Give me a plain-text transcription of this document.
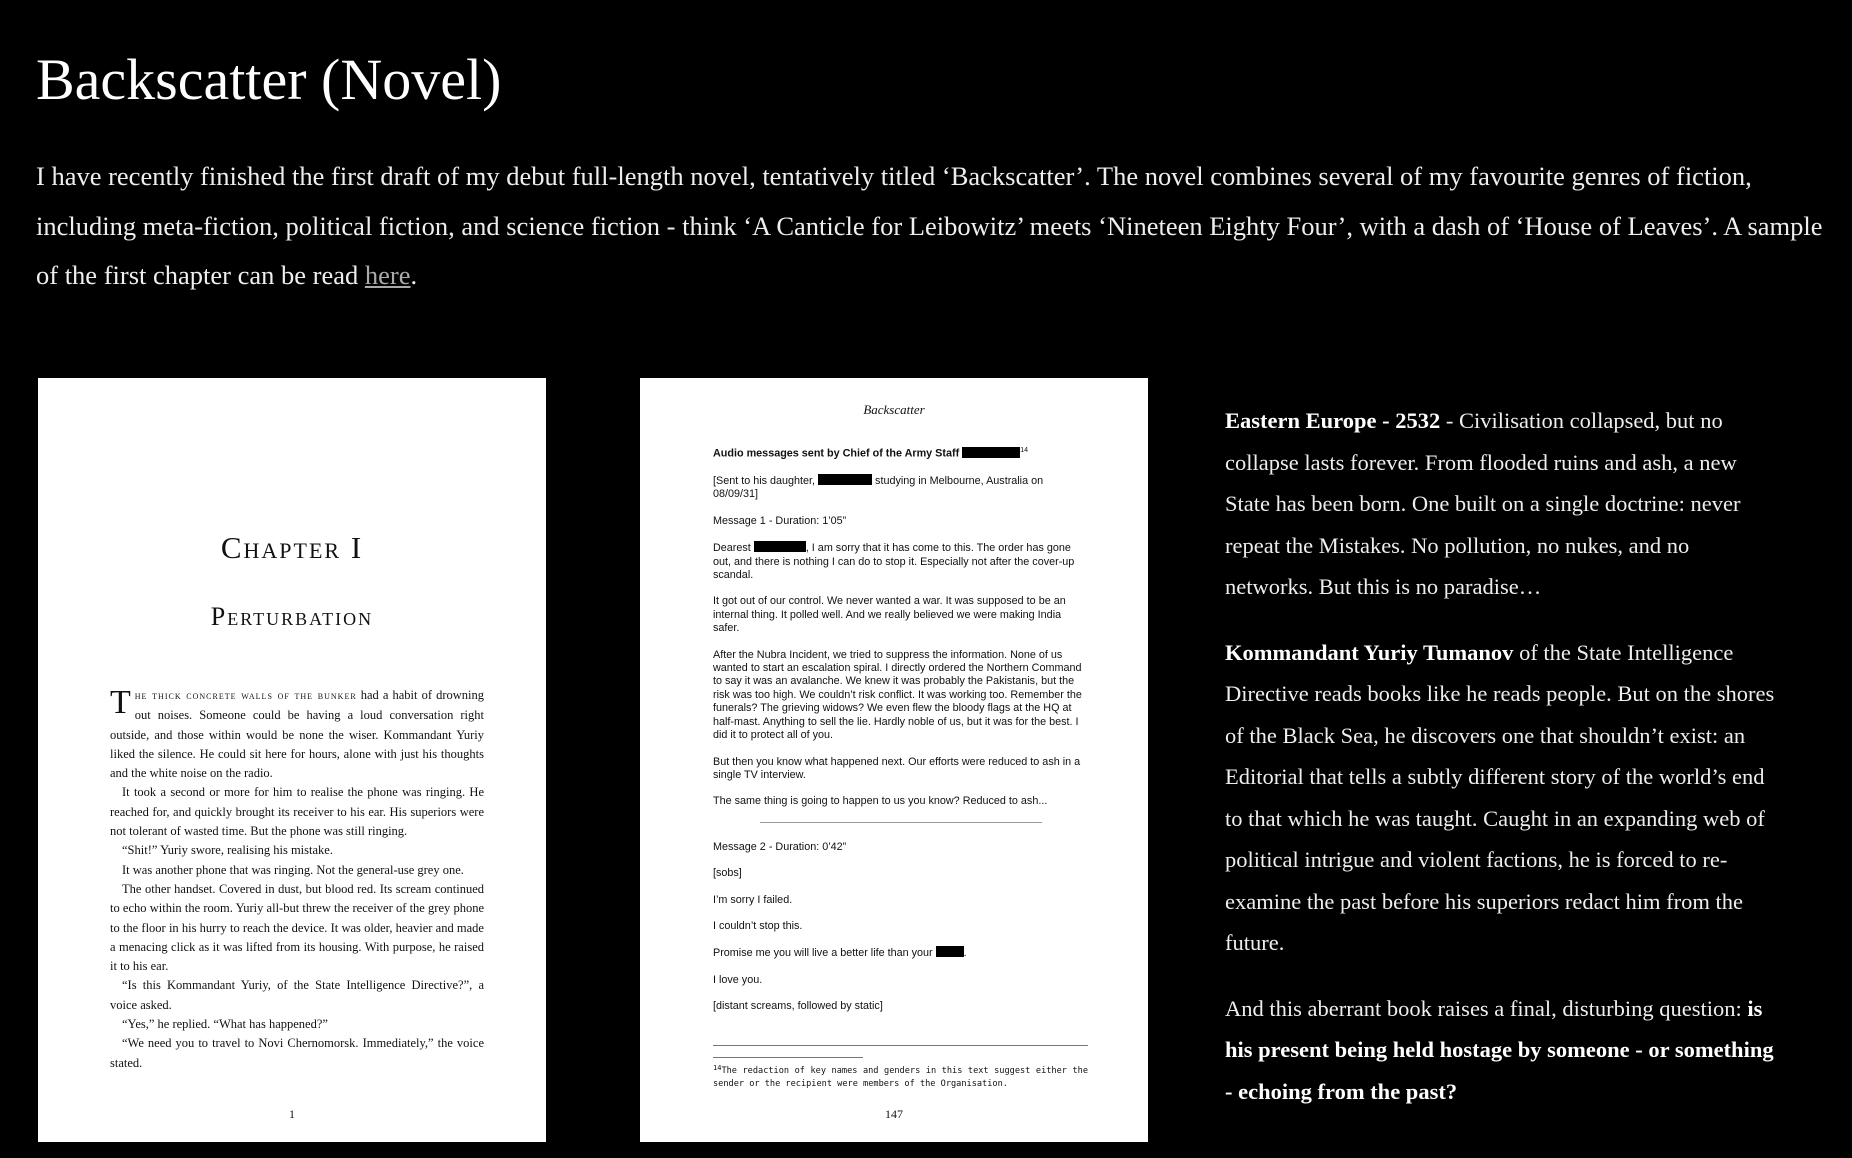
Backscatter (Novel)

I have recently finished the first draft of my debut full-length novel, tentatively titled ‘Backscatter’. The novel combines several of my favourite genres of fiction, including meta-fiction, political fiction, and science fiction - think ‘A Canticle for Leibowitz’ meets ‘Nineteen Eighty Four’, with a dash of ‘House of Leaves’. A sample of the first chapter can be read here.

Chapter I
Perturbation

The thick concrete walls of the bunker had a habit of drowning out noises. Someone could be having a loud conversation right outside, and those within would be none the wiser. Kommandant Yuriy liked the silence. He could sit here for hours, alone with just his thoughts and the white noise on the radio.

It took a second or more for him to realise the phone was ringing. He reached for, and quickly brought its receiver to his ear. His superiors were not tolerant of wasted time. But the phone was still ringing.

“Shit!” Yuriy swore, realising his mistake.

It was another phone that was ringing. Not the general-use grey one.

The other handset. Covered in dust, but blood red. Its scream continued to echo within the room. Yuriy all-but threw the receiver of the grey phone to the floor in his hurry to reach the device. It was older, heavier and made a menacing click as it was lifted from its housing. With purpose, he raised it to his ear.

“Is this Kommandant Yuriy, of the State Intelligence Directive?”, a voice asked.

“Yes,” he replied. “What has happened?”

“We need you to travel to Novi Chernomorsk. Immediately,” the voice stated.

1
Backscatter

Audio messages sent by Chief of the Army Staff	$^{14}$

[Sent to his daughter,	studying in Melbourne, Australia on 08/09/31]

Message 1 - Duration: 1’05”

Dearest	, I am sorry that it has come to this. The order has gone out, and there is nothing I can do to stop it. Especially not after the cover-up scandal.

It got out of our control. We never wanted a war. It was supposed to be an internal thing. It polled well. And we really believed we were making India safer.

After the Nubra Incident, we tried to suppress the information. None of us wanted to start an escalation spiral. I directly ordered the Northern Command to say it was an avalanche. We knew it was probably the Pakistanis, but the risk was too high. We couldn’t risk conflict. It was working too. Remember the funerals? The grieving widows? We even flew the bloody flags at the HQ at half-mast. Anything to sell the lie. Hardly noble of us, but it was for the best. I did it to protect all of you.

But then you know what happened next. Our efforts were reduced to ash in a single TV interview.

The same thing is going to happen to us you know? Reduced to ash...

Message 2 - Duration: 0’42”

[sobs]

I’m sorry I failed.

I couldn’t stop this.

Promise me you will live a better life than your	.

I love you.

[distant screams, followed by static]

$^{14}$The redaction of key names and genders in this text suggest either the sender or the recipient were members of the Organisation.
147

Eastern Europe - 2532 - Civilisation collapsed, but no collapse lasts forever. From flooded ruins and ash, a new State has been born. One built on a single doctrine: never repeat the Mistakes. No pollution, no nukes, and no networks. But this is no paradise…

Kommandant Yuriy Tumanov of the State Intelligence Directive reads books like he reads people. But on the shores of the Black Sea, he discovers one that shouldn’t exist: an Editorial that tells a subtly different story of the world’s end to that which he was taught. Caught in an expanding web of political intrigue and violent factions, he is forced to re-examine the past before his superiors redact him from the future.

And this aberrant book raises a final, disturbing question: is his present being held hostage by someone - or something - echoing from the past?
